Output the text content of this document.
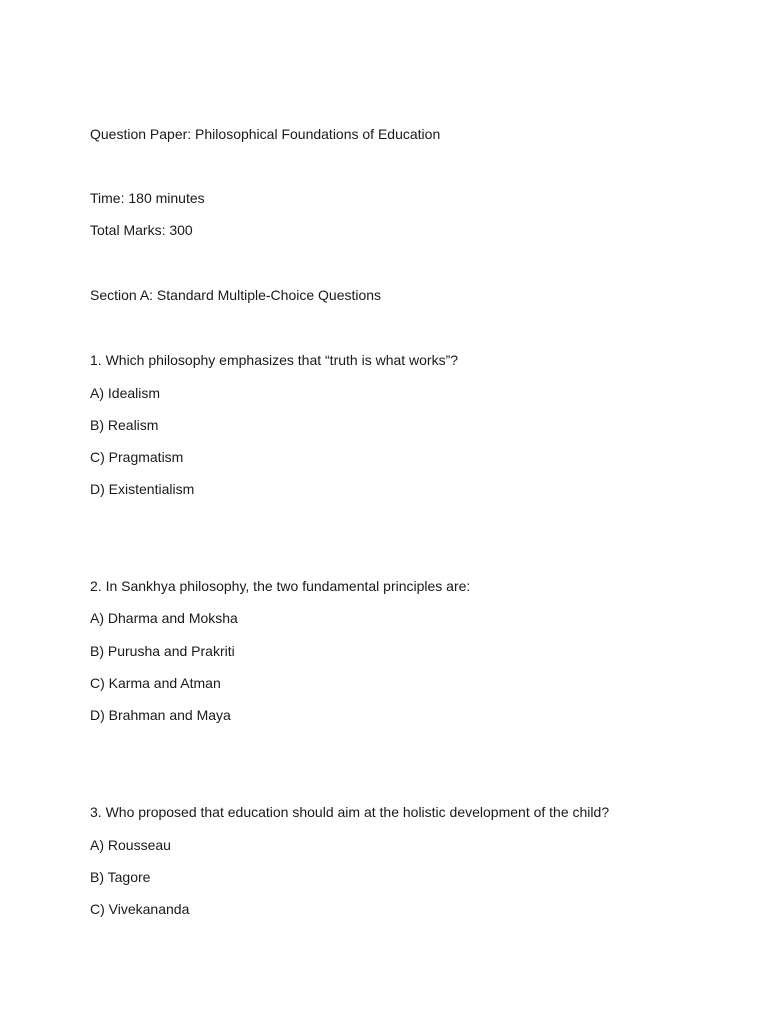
Question Paper: Philosophical Foundations of Education
Time: 180 minutes
Total Marks: 300
Section A: Standard Multiple-Choice Questions
1. Which philosophy emphasizes that “truth is what works”?
A) Idealism
B) Realism
C) Pragmatism
D) Existentialism
2. In Sankhya philosophy, the two fundamental principles are:
A) Dharma and Moksha
B) Purusha and Prakriti
C) Karma and Atman
D) Brahman and Maya
3. Who proposed that education should aim at the holistic development of the child?
A) Rousseau
B) Tagore
C) Vivekananda
